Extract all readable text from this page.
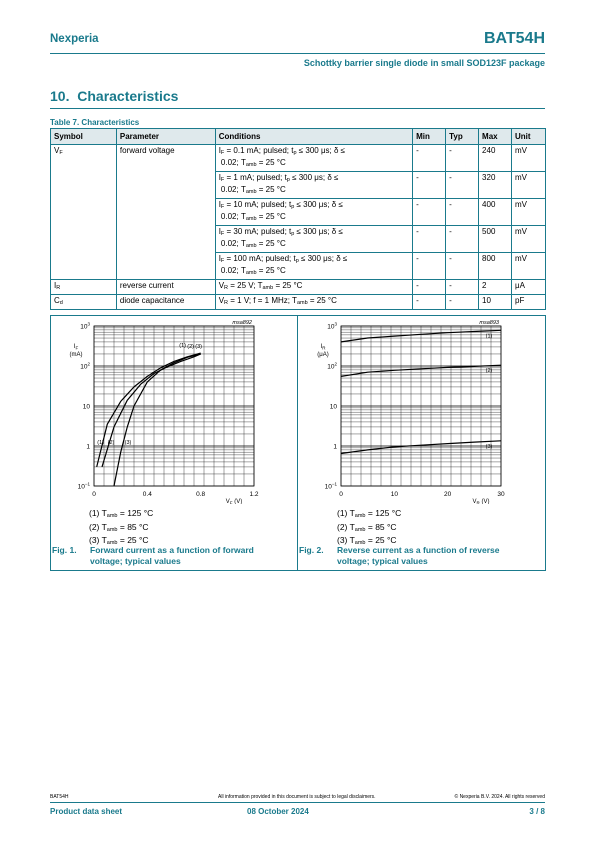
Nexperia	BAT54H
Schottky barrier single diode in small SOD123F package
10. Characteristics
Table 7. Characteristics
Symbol	Parameter	Conditions	Min	Typ	Max	Unit
VF	forward voltage	IF = 0.1 mA; pulsed; tp ≤ 300 μs; δ ≤
0.02; Tamb = 25 °C	-	-	240	mV
		IF = 1 mA; pulsed; tp ≤ 300 μs; δ ≤
0.02; Tamb = 25 °C	-	-	320	mV
		IF = 10 mA; pulsed; tp ≤ 300 μs; δ ≤
0.02; Tamb = 25 °C	-	-	400	mV
		IF = 30 mA; pulsed; tp ≤ 300 μs; δ ≤
0.02; Tamb = 25 °C	-	-	500	mV
		IF = 100 mA; pulsed; tp ≤ 300 μs; δ ≤
0.02; Tamb = 25 °C	-	-	800	mV
IR	reverse current	VR = 25 V; Tamb = 25 °C	-	-	2	μA
Cd	diode capacitance	VR = 1 V; f = 1 MHz; Tamb = 25 °C	-	-	10	pF
$10^{-1}$
1
10
$10^2$
$10^3$
0	0.4	0.8	1.2
$V_F$ (V)
$I_F$
(mA)
msa892
(1)
(1)
(2)
(2)
(3)
(3)
$10^{-1}$
1
10
$10^2$
$10^3$
0	10	20	30
$V_R$ (V)
$I_R$
(μA)
msa893
(1)
(2)
(3)
(1) Tamb = 125 °C
(2) Tamb = 85 °C
(3) Tamb = 25 °C
(1) Tamb = 125 °C
(2) Tamb = 85 °C
(3) Tamb = 25 °C
Fig. 1. Forward current as a function of forward
voltage; typical values
Fig. 2. Reverse current as a function of reverse
voltage; typical values
BAT54H	All information provided in this document is subject to legal disclaimers.	© Nexperia B.V. 2024. All rights reserved
Product data sheet	08 October 2024	3 / 8
